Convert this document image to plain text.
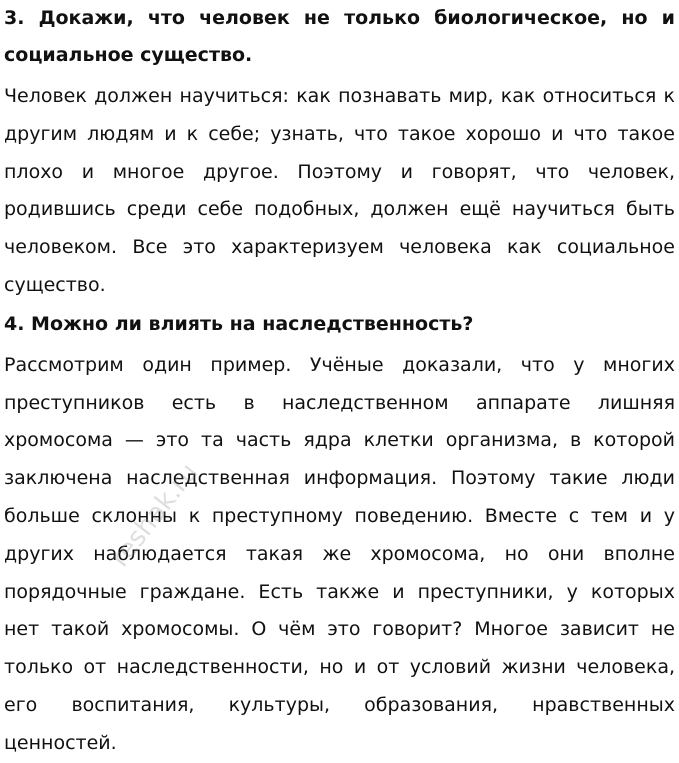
3. Докажи, что человек не только биологическое, но и социальное существо.

Человек должен научиться: как познавать мир, как относиться к другим людям и к себе; узнать, что такое хорошо и что такое плохо и многое другое. Поэтому и говорят, что человек, родившись среди себе подобных, должен ещё научиться быть человеком. Все это характеризуем человека как социальное существо.

4. Можно ли влиять на наследственность?

Рассмотрим один пример. Учёные доказали, что у многих преступников есть в наследственном аппарате лишняя хромосома — это та часть ядра клетки организма, в которой заключена наследственная информация. Поэтому такие люди больше склонны к преступному поведению. Вместе с тем и у других наблюдается такая же хромосома, но они вполне порядочные граждане. Есть также и преступники, у которых нет такой хромосомы. О чём это говорит? Многое зависит не только от наследственности, но и от условий жизни человека, его воспитания, культуры, образования, нравственных ценностей.

reshak.ru
